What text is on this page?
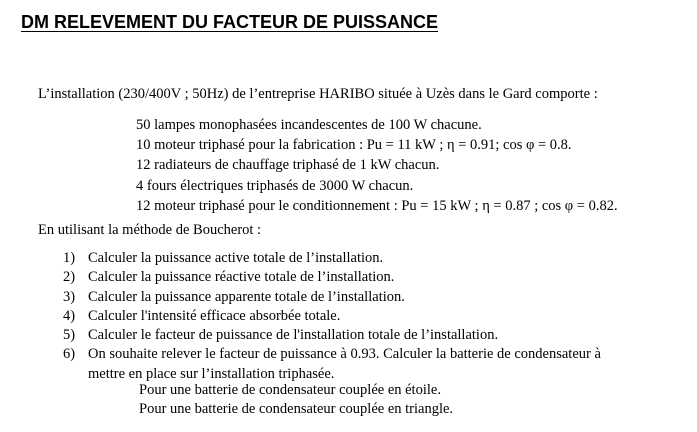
DM RELEVEMENT DU FACTEUR DE PUISSANCE
L’installation (230/400V ; 50Hz) de l’entreprise HARIBO située à Uzès dans le Gard comporte :
50 lampes monophasées incandescentes de 100 W chacune.
10 moteur triphasé pour la fabrication : Pu = 11 kW ; η = 0.91; cos φ = 0.8.
12 radiateurs de chauffage triphasé de 1 kW chacun.
4 fours électriques triphasés de 3000 W chacun.
12 moteur triphasé pour le conditionnement : Pu = 15 kW ; η = 0.87 ; cos φ = 0.82.
En utilisant la méthode de Boucherot :
1) Calculer la puissance active totale de l’installation.
2) Calculer la puissance réactive totale de l’installation.
3) Calculer la puissance apparente totale de l’installation.
4) Calculer l'intensité efficace absorbée totale.
5) Calculer le facteur de puissance de l'installation totale de l’installation.
6) On souhaite relever le facteur de puissance à 0.93. Calculer la batterie de condensateur à
mettre en place sur l’installation triphasée.
Pour une batterie de condensateur couplée en étoile.
Pour une batterie de condensateur couplée en triangle.
